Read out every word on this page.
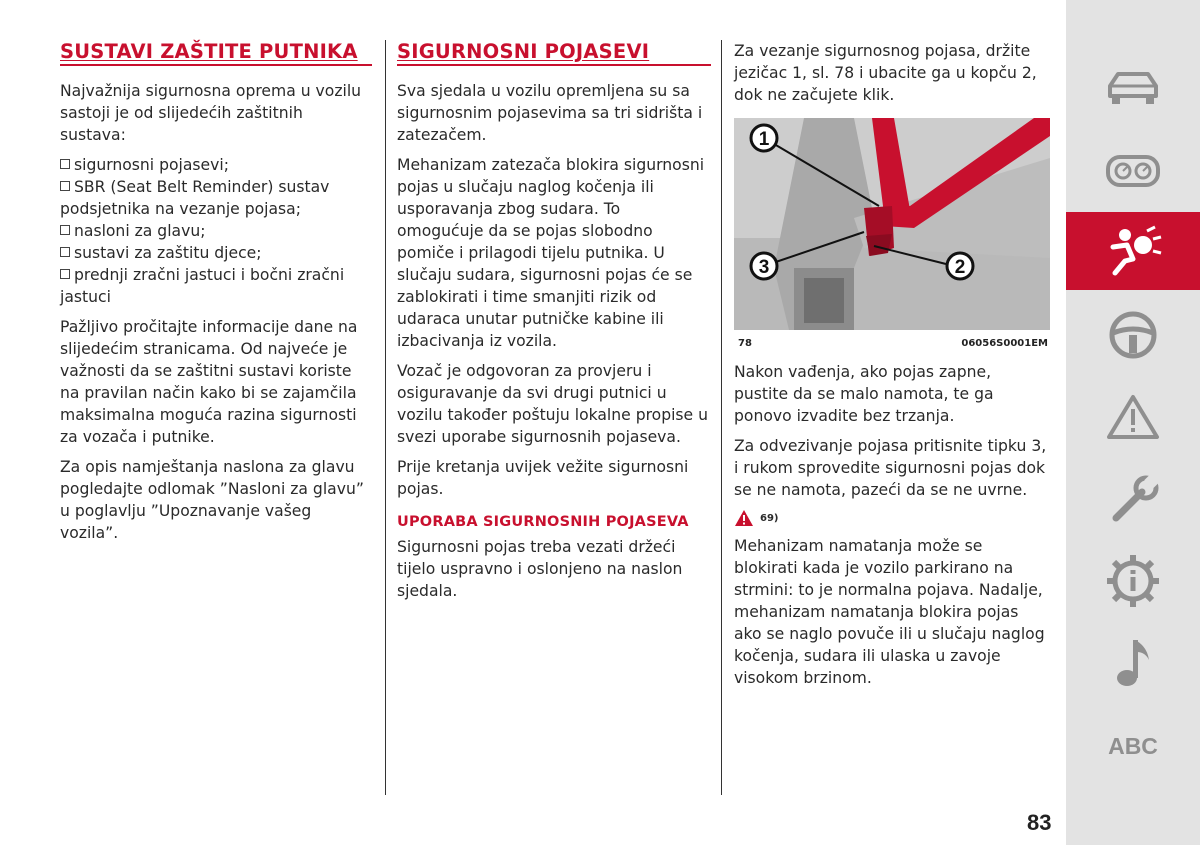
SUSTAVI ZAŠTITE PUTNIKA

Najvažnija sigurnosna oprema u vozilu sastoji je od slijedećih zaštitnih sustava:

sigurnosni pojasevi;
SBR (Seat Belt Reminder) sustav podsjetnika na vezanje pojasa;
nasloni za glavu;
sustavi za zaštitu djece;
prednji zračni jastuci i bočni zračni jastuci

Pažljivo pročitajte informacije dane na slijedećim stranicama. Od najveće je važnosti da se zaštitni sustavi koriste na pravilan način kako bi se zajamčila maksimalna moguća razina sigurnosti za vozača i putnike.

Za opis namještanja naslona za glavu pogledajte odlomak ”Nasloni za glavu” u poglavlju ”Upoznavanje vašeg vozila”.

SIGURNOSNI POJASEVI

Sva sjedala u vozilu opremljena su sa sigurnosnim pojasevima sa tri sidrišta i zatezačem.

Mehanizam zatezača blokira sigurnosni pojas u slučaju naglog kočenja ili usporavanja zbog sudara. To omogućuje da se pojas slobodno pomiče i prilagodi tijelu putnika. U slučaju sudara, sigurnosni pojas će se zablokirati i time smanjiti rizik od udaraca unutar putničke kabine ili izbacivanja iz vozila.

Vozač je odgovoran za provjeru i osiguravanje da svi drugi putnici u vozilu također poštuju lokalne propise u svezi uporabe sigurnosnih pojaseva.

Prije kretanja uvijek vežite sigurnosni pojas.

UPORABA SIGURNOSNIH POJASEVA

Sigurnosni pojas treba vezati držeći tijelo uspravno i oslonjeno na naslon sjedala.

Za vezanje sigurnosnog pojasa, držite jezičac 1, sl. 78 i ubacite ga u kopču 2, dok ne začujete klik.

1
2
3
78	06056S0001EM

Nakon vađenja, ako pojas zapne, pustite da se malo namota, te ga ponovo izvadite bez trzanja.

Za odvezivanje pojasa pritisnite tipku 3, i rukom sprovedite sigurnosni pojas dok se ne namota, pazeći da se ne uvrne.

69)

Mehanizam namatanja može se blokirati kada je vozilo parkirano na strmini: to je normalna pojava. Nadalje, mehanizam namatanja blokira pojas ako se naglo povuče ili u slučaju naglog kočenja, sudara ili ulaska u zavoje visokom brzinom.

83
ABC
